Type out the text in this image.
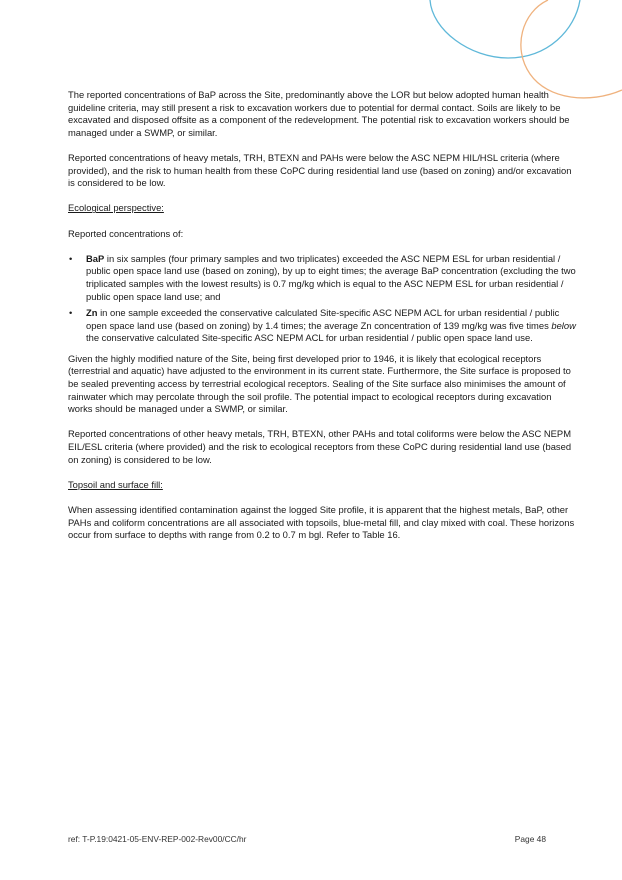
The reported concentrations of BaP across the Site, predominantly above the LOR but below adopted human health guideline criteria, may still present a risk to excavation workers due to potential for dermal contact. Soils are likely to be excavated and disposed offsite as a component of the redevelopment. The potential risk to excavation workers should be managed under a SWMP, or similar.

Reported concentrations of heavy metals, TRH, BTEXN and PAHs were below the ASC NEPM HIL/HSL criteria (where provided), and the risk to human health from these CoPC during residential land use (based on zoning) and/or excavation is considered to be low.

Ecological perspective:

Reported concentrations of:

• BaP in six samples (four primary samples and two triplicates) exceeded the ASC NEPM ESL for urban residential / public open space land use (based on zoning), by up to eight times; the average BaP concentration (excluding the two triplicated samples with the lowest results) is 0.7 mg/kg which is equal to the ASC NEPM ESL for urban residential / public open space land use; and
• Zn in one sample exceeded the conservative calculated Site-specific ASC NEPM ACL for urban residential / public open space land use (based on zoning) by 1.4 times; the average Zn concentration of 139 mg/kg was five times below the conservative calculated Site-specific ASC NEPM ACL for urban residential / public open space land use.

Given the highly modified nature of the Site, being first developed prior to 1946, it is likely that ecological receptors (terrestrial and aquatic) have adjusted to the environment in its current state. Furthermore, the Site surface is proposed to be sealed preventing access by terrestrial ecological receptors. Sealing of the Site surface also minimises the amount of rainwater which may percolate through the soil profile. The potential impact to ecological receptors during excavation works should be managed under a SWMP, or similar.

Reported concentrations of other heavy metals, TRH, BTEXN, other PAHs and total coliforms were below the ASC NEPM EIL/ESL criteria (where provided) and the risk to ecological receptors from these CoPC during residential land use (based on zoning) is considered to be low.

Topsoil and surface fill:

When assessing identified contamination against the logged Site profile, it is apparent that the highest metals, BaP, other PAHs and coliform concentrations are all associated with topsoils, blue-metal fill, and clay mixed with coal. These horizons occur from surface to depths with range from 0.2 to 0.7 m bgl. Refer to Table 16.

ref: T-P.19:0421-05-ENV-REP-002-Rev00/CC/hr	Page 48
